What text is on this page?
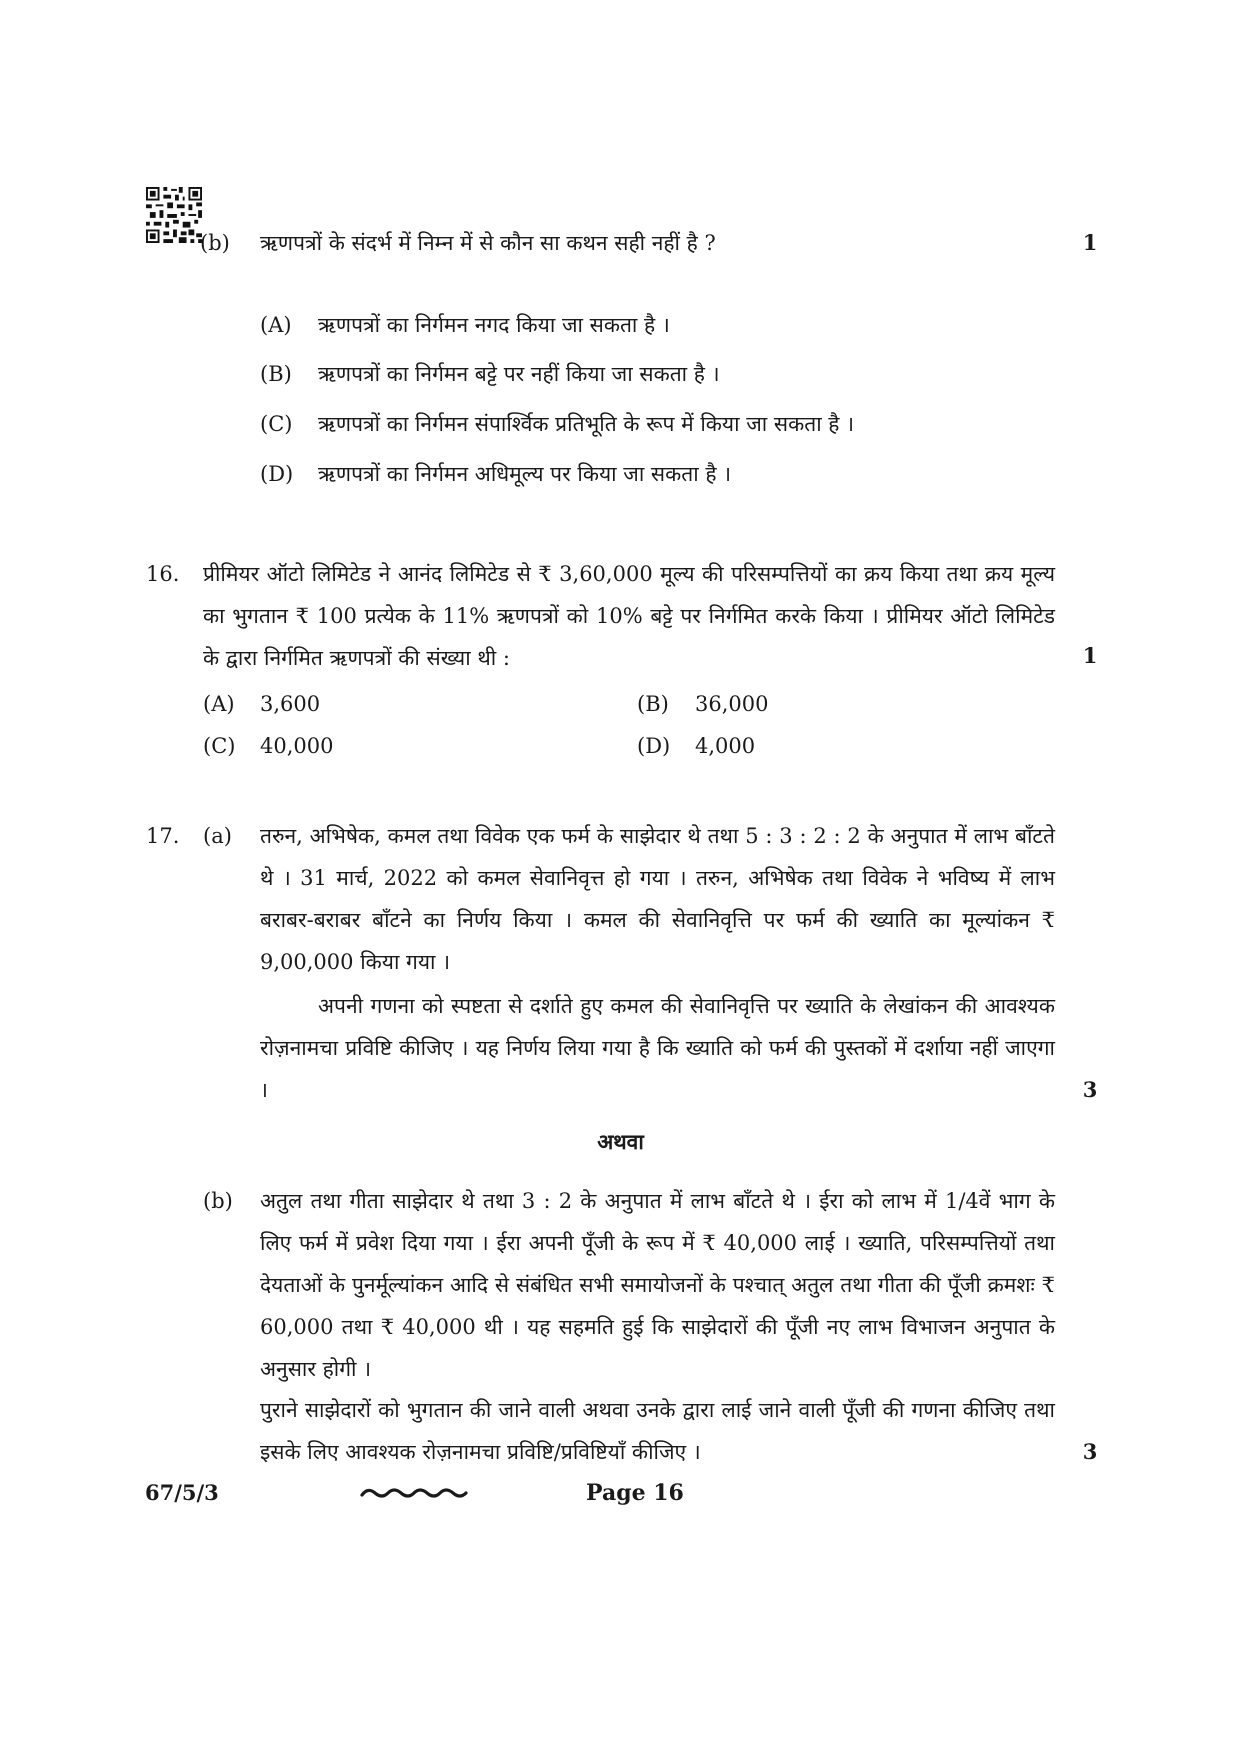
(b) ऋणपत्रों के संदर्भ में निम्न में से कौन सा कथन सही नहीं है ?	1
(A) ऋणपत्रों का निर्गमन नगद किया जा सकता है ।
(B) ऋणपत्रों का निर्गमन बट्टे पर नहीं किया जा सकता है ।
(C) ऋणपत्रों का निर्गमन संपार्श्विक प्रतिभूति के रूप में किया जा सकता है ।
(D) ऋणपत्रों का निर्गमन अधिमूल्य पर किया जा सकता है ।
16. प्रीमियर ऑटो लिमिटेड ने आनंद लिमिटेड से ₹ 3,60,000 मूल्य की परिसम्पत्तियों का क्रय किया तथा क्रय मूल्य का भुगतान ₹ 100 प्रत्येक के 11% ऋणपत्रों को 10% बट्टे पर निर्गमित करके किया । प्रीमियर ऑटो लिमिटेड के द्वारा निर्गमित ऋणपत्रों की संख्या थी :	1
(A) 3,600	(B) 36,000
(C) 40,000	(D) 4,000
17. (a) तरुन, अभिषेक, कमल तथा विवेक एक फर्म के साझेदार थे तथा 5 : 3 : 2 : 2 के अनुपात में लाभ बाँटते थे । 31 मार्च, 2022 को कमल सेवानिवृत्त हो गया । तरुन, अभिषेक तथा विवेक ने भविष्य में लाभ बराबर-बराबर बाँटने का निर्णय किया । कमल की सेवानिवृत्ति पर फर्म की ख्याति का मूल्यांकन ₹ 9,00,000 किया गया ।
अपनी गणना को स्पष्टता से दर्शाते हुए कमल की सेवानिवृत्ति पर ख्याति के लेखांकन की आवश्यक रोज़नामचा प्रविष्टि कीजिए । यह निर्णय लिया गया है कि ख्याति को फर्म की पुस्तकों में दर्शाया नहीं जाएगा ।	3
अथवा
(b) अतुल तथा गीता साझेदार थे तथा 3 : 2 के अनुपात में लाभ बाँटते थे । ईरा को लाभ में 1/4वें भाग के लिए फर्म में प्रवेश दिया गया । ईरा अपनी पूँजी के रूप में ₹ 40,000 लाई । ख्याति, परिसम्पत्तियों तथा देयताओं के पुनर्मूल्यांकन आदि से संबंधित सभी समायोजनों के पश्चात् अतुल तथा गीता की पूँजी क्रमशः ₹ 60,000 तथा ₹ 40,000 थी । यह सहमति हुई कि साझेदारों की पूँजी नए लाभ विभाजन अनुपात के अनुसार होगी ।
पुराने साझेदारों को भुगतान की जाने वाली अथवा उनके द्वारा लाई जाने वाली पूँजी की गणना कीजिए तथा इसके लिए आवश्यक रोज़नामचा प्रविष्टि/प्रविष्टियाँ कीजिए ।	3
67/5/3	Page 16
